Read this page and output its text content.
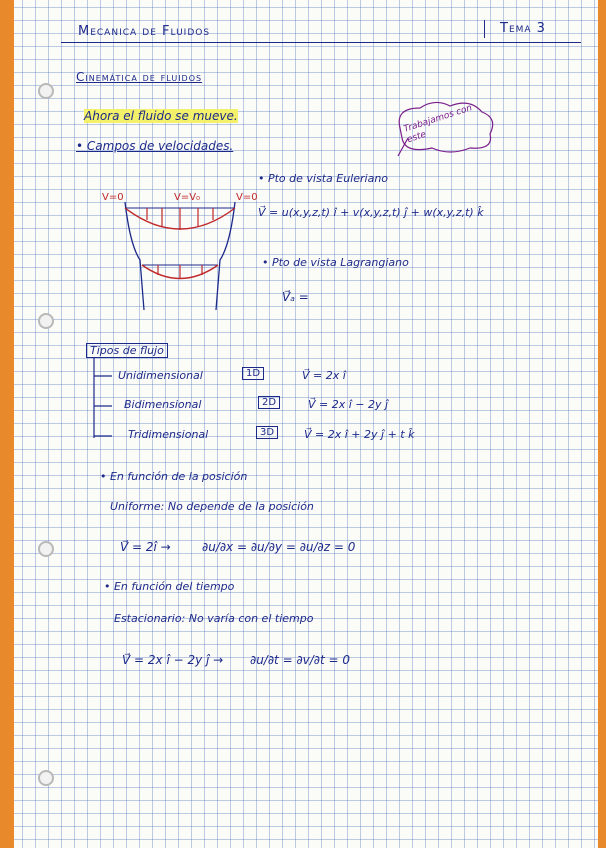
Mecanica de Fluidos	Tema 3
Cinemática de fluidos
Ahora el fluido se mueve.	Trabajamos con este
• Campos de velocidades.
V=0	V=V₀	V=0
• Pto de vista Euleriano
V⃗ = u(x,y,z,t) î + v(x,y,z,t) ĵ + w(x,y,z,t) k̂
• Pto de vista Lagrangiano
V⃗ₐ =
Tipos de flujo
Unidimensional	1D	V⃗ = 2x î
Bidimensional	2D	V⃗ = 2x î − 2y ĵ
Tridimensional	3D	V⃗ = 2x î + 2y ĵ + t k̂
• En función de la posición
Uniforme: No depende de la posición
V⃗ = 2î →	∂u/∂x = ∂u/∂y = ∂u/∂z = 0
• En función del tiempo
Estacionario: No varía con el tiempo
V⃗ = 2x î − 2y ĵ → ∂u/∂t = ∂v/∂t = 0
